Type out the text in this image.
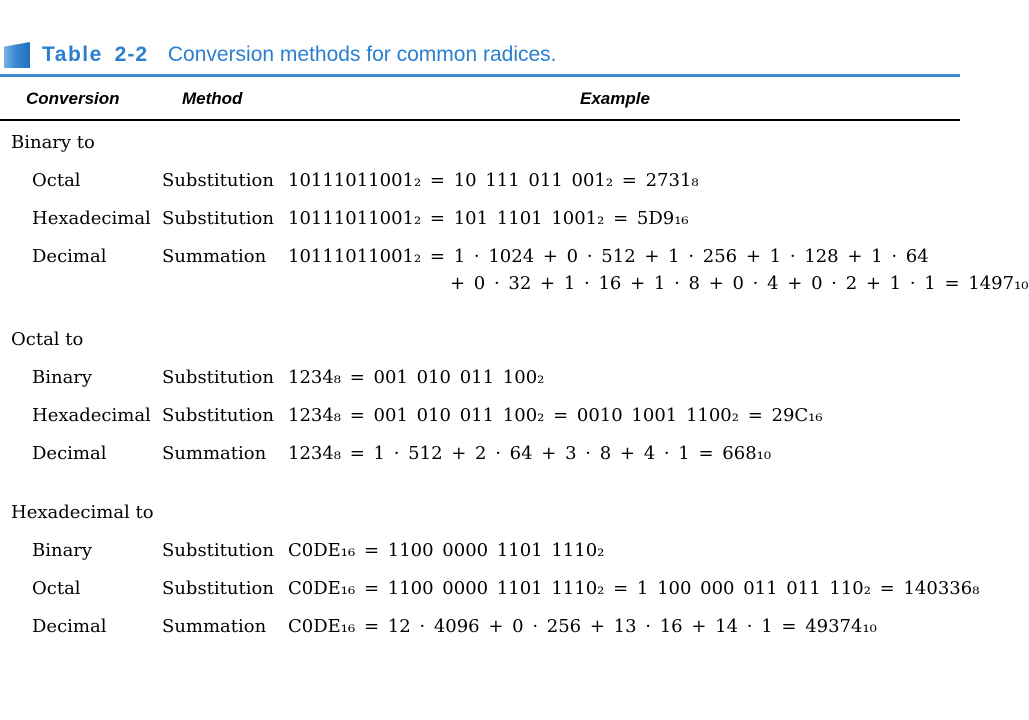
Table 2-2 Conversion methods for common radices.
Conversion	Method	Example
Binary to
Octal	Substitution 10111011001₂ = 10 111 011 001₂ = 2731₈
Hexadecimal Substitution 10111011001₂ = 101 1101 1001₂ = 5D9₁₆
Decimal	Summation 10111011001₂ = 1 · 1024 + 0 · 512 + 1 · 256 + 1 · 128 + 1 · 64
+ 0 · 32 + 1 · 16 + 1 · 8 + 0 · 4 + 0 · 2 + 1 · 1 = 1497₁₀
Octal to
Binary	Substitution 1234₈ = 001 010 011 100₂
Hexadecimal Substitution 1234₈ = 001 010 011 100₂ = 0010 1001 1100₂ = 29C₁₆
Decimal	Summation 1234₈ = 1 · 512 + 2 · 64 + 3 · 8 + 4 · 1 = 668₁₀
Hexadecimal to
Binary	Substitution C0DE₁₆ = 1100 0000 1101 1110₂
Octal	Substitution C0DE₁₆ = 1100 0000 1101 1110₂ = 1 100 000 011 011 110₂ = 140336₈
Decimal	Summation C0DE₁₆ = 12 · 4096 + 0 · 256 + 13 · 16 + 14 · 1 = 49374₁₀
